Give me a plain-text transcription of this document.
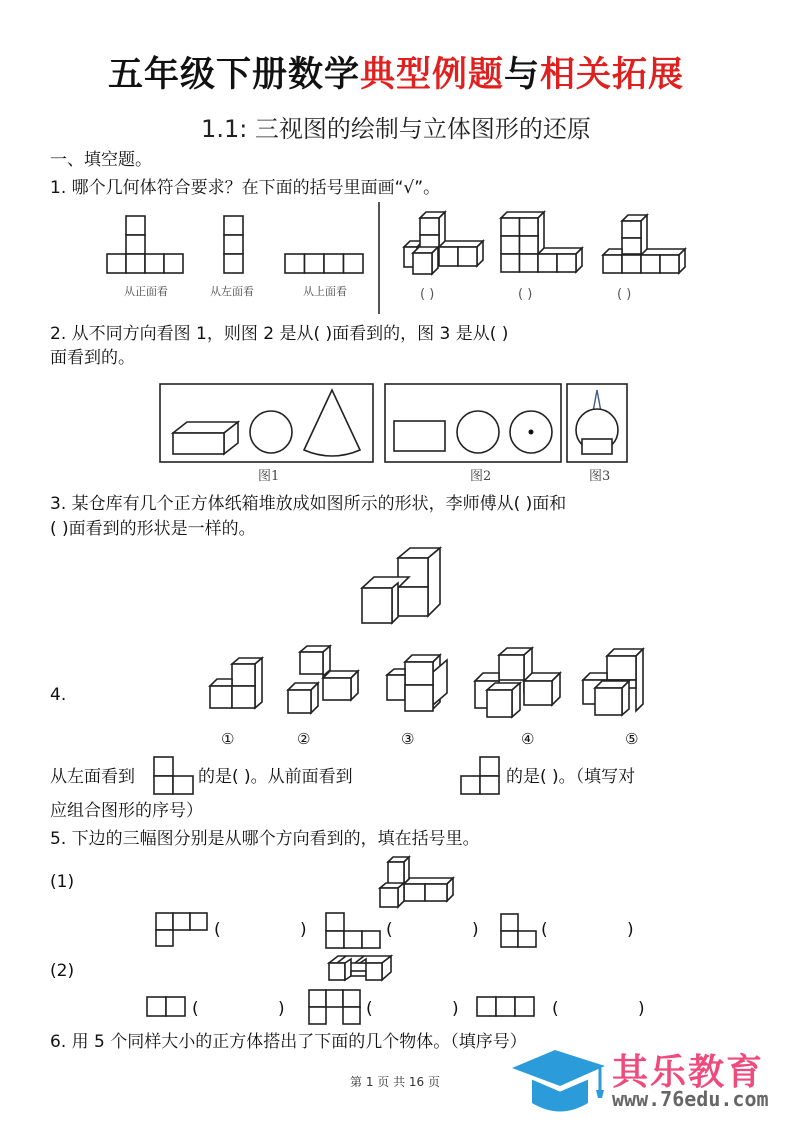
五年级下册数学典型例题与相关拓展
1.1: 三视图的绘制与立体图形的还原
一、填空题。
1. 哪个几何体符合要求？在下面的括号里面画“√”。
从正面看	从左面看	从上面看	( )	( )	( )
2. 从不同方向看图 1，则图 2 是从( )面看到的，图 3 是从( )
面看到的。
图1	图2	图3
3. 某仓库有几个正方体纸箱堆放成如图所示的形状，李师傅从( )面和
( )面看到的形状是一样的。
4.
①	②	③	④	⑤
从左面看到	的是( )。从前面看到	的是( )。（填写对
应组合图形的序号）
5. 下边的三幅图分别是从哪个方向看到的，填在括号里。
(1)
(	)	(	)	(	)
(2)
(	)	(	)	(	)
6. 用 5 个同样大小的正方体搭出了下面的几个物体。（填序号）
第 1 页 共 16 页	其乐教育
www.76edu.com
